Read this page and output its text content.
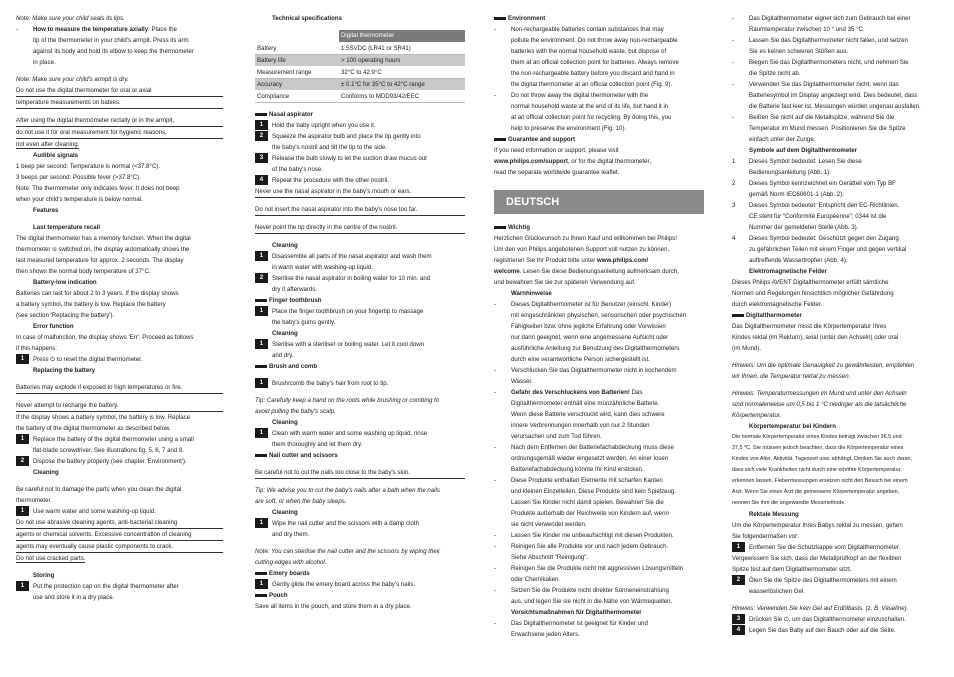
Note: Make sure your child seals its lips.

-	How to measure the temperature axially: Place the

tip of the thermometer in your child's armpit. Press its arm

against its body and hold its elbow to keep the thermometer

in place.

Note: Make sure your child's armpit is dry.

Do not use the digital thermometer for oral or axial

temperature measurements on babies.

After using the digital thermometer rectally or in the armpit,

do not use it for oral measurement for hygienic reasons,

not even after cleaning.

Audible signals

1 beep per second: Temperature is normal (<37.8°C).

3 beeps per second: Possible fever (>37.8°C).

Note: The thermometer only indicates fever. It does not beep

when your child's temperature is below normal.

Features

Last temperature recall

The digital thermometer has a memory function. When the digital

thermometer is switched on, the display automatically shows the

last measured temperature for approx. 2 seconds. The display

then shows the normal body temperature of 37°C.

Battery-low indication

Batteries can last for about 2 to 3 years. If the display shows

a battery symbol, the battery is low. Replace the battery

(see section 'Replacing the battery').

Error function

In case of malfunction, the display shows 'Err'. Proceed as follows

if this happens:

1	Press ⏻ to reset the digital thermometer.

Replacing the battery

Batteries may explode if exposed to high temperatures or fire.

Never attempt to recharge the battery.

If the display shows a battery symbol, the battery is low. Replace

the battery of the digital thermometer as described below.

1	Replace the battery of the digital thermometer using a small
flat-blade screwdriver. See illustrations fig. 5, 6, 7 and 8.
2	Dispose the battery properly (see chapter 'Environment').

Cleaning

Be careful not to damage the parts when you clean the digital

thermometer.

1	Use warm water and some washing-up liquid.

Do not use abrasive cleaning agents, anti-bacterial cleaning

agents or chemical solvents. Excessive concentration of cleaning

agents may eventually cause plastic components to crack.

Do not use cracked parts.

Storing

1	Put the protection cap on the digital thermometer after
use and store it in a dry place.

Technical specifications

	Digital thermometer
Battery	1.5SVDC (LR41 or SR41)
Battery life	> 100 operating hours
Measurement range	32°C to 42.9°C
Accuracy	± 0.1°C for 35°C to 42°C range
Compliance	Conforms to MDD93/42/EEC
Nasal aspirator
1	Hold the baby upright when you use it.
2	Squeeze the aspirator bulb and place the tip gently into
the baby's nostril and tilt the tip to the side.
3	Release the bulb slowly to let the suction draw mucus out
of the baby's nose.
4	Repeat the procedure with the other nostril.

Never use the nasal aspirator in the baby's mouth or ears.

Do not insert the nasal aspirator into the baby's nose too far.

Never point the tip directly in the centre of the nostril.

Cleaning

1	Disassemble all parts of the nasal aspirator and wash them
in warm water with washing-up liquid.
2	Sterilise the nasal aspirator in boiling water for 10 min. and
dry it afterwards.
Finger toothbrush
1	Place the finger toothbrush on your fingertip to massage
the baby's gums gently.

Cleaning

1	Sterilise with a steriliser or boiling water. Let it cool down
and dry.
Brush and comb
1	Brush/comb the baby's hair from root to tip.

Tip: Carefully keep a hand on the roots while brushing or combing to

avoid pulling the baby's scalp.

Cleaning

1	Clean with warm water and some washing up liquid, rinse
them thoroughly and let them dry.
Nail cutter and scissors

Be careful not to cut the nails too close to the baby's skin.

Tip: We advise you to cut the baby's nails after a bath when the nails

are soft, or when the baby sleeps.

Cleaning

1	Wipe the nail cutter and the scissors with a damp cloth
and dry them.

Note: You can sterilise the nail cutter and the scissors by wiping their

cutting edges with alcohol.

Emery boards
1	Gently glide the emery board across the baby's nails.
Pouch

Save all items in the pouch, and store them in a dry place.

Environment
-	Non-rechargeable batteries contain substances that may
pollute the environment. Do not throw away non-rechargeable
batteries with the normal household waste, but dispose of
them at an official collection point for batteries. Always remove
the non-rechargeable battery before you discard and hand in
the digital thermometer at an official collection point (Fig. 9).
-	Do not throw away the digital thermometer with the
normal household waste at the end of its life, but hand it in
at an official collection point for recycling. By doing this, you
help to preserve the environment (Fig. 10).
Guarantee and support

If you need information or support, please visit

www.philips.com/support, or for the digital thermometer,

read the separate worldwide guarantee leaflet.

DEUTSCH
Wichtig

Herzlichen Glückwunsch zu Ihrem Kauf und willkommen bei Philips!

Um den von Philips angebotenen Support voll nutzen zu können,

registrieren Sie Ihr Produkt bitte unter www.philips.com/

welcome. Lesen Sie diese Bedienungsanleitung aufmerksam durch,

und bewahren Sie sie zur späteren Verwendung auf.

Warnhinweise

-	Dieses Digitalthermometer ist für Benutzer (einschl. Kinder)
mit eingeschränkten physischen, sensorischen oder psychischen
Fähigkeiten bzw. ohne jegliche Erfahrung oder Vorwissen
nur dann geeignet, wenn eine angemessene Aufsicht oder
ausführliche Anleitung zur Benutzung des Digitalthermometers
durch eine verantwortliche Person sichergestellt ist.
-	Verschlucken Sie das Digitalthermometer nicht in kochendem
Wasser.
-	Gefahr des Verschluckens von Batterien! Das
Digitalthermometer enthält eine münzähnliche Batterie.
Wenn diese Batterie verschluckt wird, kann dies schwere
innere Verbrennungen innerhalb von nur 2 Stunden
verursachen und zum Tod führen.
-	Nach dem Entfernen der Batteriefachabdeckung muss diese
ordnungsgemäß wieder eingesetzt werden. An einer losen
Batteriefachabdeckung könnte Ihr Kind ersticken.
-	Diese Produkte enthalten Elemente mit scharfen Kanten
und kleinen Einzelteilen. Diese Produkte sind kein Spielzeug.
Lassen Sie Kinder nicht damit spielen. Bewahren Sie die
Produkte außerhalb der Reichweite von Kindern auf, wenn
sie nicht verwendet werden.
-	Lassen Sie Kinder nie unbeaufsichtigt mit diesen Produkten.
-	Reinigen Sie alle Produkte vor und nach jedem Gebrauch.
Siehe Abschnitt "Reinigung".
-	Reinigen Sie die Produkte nicht mit aggressiven Lösungsmitteln
oder Chemikalien.
-	Setzen Sie die Produkte nicht direkter Sonneneinstrahlung
aus, und legen Sie sie nicht in die Nähe von Wärmequellen.

Vorsichtsmaßnahmen für Digitalthermometer

-	Das Digitalthermometer ist geeignet für Kinder und
Erwachsene jeden Alters.
-	Das Digitalthermometer eignet sich zum Gebrauch bei einer
Raumtemperatur zwischen 10 ° und 35 °C.
-	Lassen Sie das Digitalthermometer nicht fallen, und setzen
Sie es keinen schweren Stößen aus.
-	Biegen Sie das Digitalthermometers nicht, und nehmen Sie
die Spitze nicht ab.
-	Verwenden Sie das Digitalthermometer nicht, wenn das
Batteriesymbol im Display angezeigt wird. Dies bedeutet, dass
die Batterie fast leer ist. Messungen würden ungenau ausfallen.
-	Beißen Sie nicht auf die Metallspitze, während Sie die
Temperatur im Mund messen. Positionieren Sie die Spitze
einfach unter der Zunge.

Symbole auf dem Digitalthermometer

1	Dieses Symbol bedeutet: Lesen Sie diese
Bedienungsanleitung (Abb. 1).
2	Dieses Symbol kennzeichnet ein Gerätteil vom Typ BF
gemäß Norm IEC60601-1 (Abb. 2).
3	Dieses Symbol bedeutet: Entspricht den EC-Richtlinien.
CE steht für "Conformité Européenne"; 0344 ist die
Nummer der gemeldeten Stelle (Abb. 3).
4	Dieses Symbol bedeutet: Geschützt gegen den Zugang
zu gefährlichen Teilen mit einem Finger und gegen vertikal
auftreffende Wassertropfen (Abb. 4).

Elektromagnetische Felder

Dieses Philips AVENT Digitalthermometer erfüllt sämtliche
Normen und Regelungen hinsichtlich möglicher Gefährdung
durch elektromagnetische Felder.
Digitalthermometer
Das Digitalthermometer misst die Körpertemperatur Ihres
Kindes rektal (im Rektum), axial (unter den Achseln) oder oral
(im Mund).
Hinweis: Um die optimale Genauigkeit zu gewährleisten, empfehlen
wir Ihnen, die Temperatur rektal zu messen.
Hinweis: Temperaturmessungen im Mund und unter den Achseln
sind normalerweise um 0,5 bis 1 °C niedriger als die tatsächliche
Körpertemperatur.

Körpertemperatur bei Kindern

Die normale Körpertemperatur eines Kindes beträgt zwischen 36,5 und
37,5 °C. Sie müssen jedoch beachten, dass die Körpertemperatur eines
Kindes von Alter, Aktivität, Tageszeit usw. abhängt. Denken Sie auch daran,
dass sich viele Krankheiten nicht durch eine erhöhte Körpertemperatur
erkennen lassen. Fiebermessungen ersetzen nicht den Besuch bei einem
Arzt. Wenn Sie einen Arzt die gemessene Körpertemperatur angeben,
nennen Sie ihm die angewandte Messmethode.

Rektale Messung

Um die Körpertemperatur Ihres Babys rektal zu messen, gehen

Sie folgendermaßen vor:

1	Entfernen Sie die Schutzkappe vom Digitalthermometer.

Vergewissern Sie sich, dass der Metallprüfkopf an der flexiblen

Spitze fest auf dem Digitalthermometer sitzt.

2	Ölen Sie die Spitze des Digitalthermometers mit einem
wasserlöslichen Gel.

Hinweis: Verwenden Sie kein Gel auf Erdölbasis. (z. B. Vaseline).

3	Drücken Sie ⏻, um das Digitalthermometer einzuschalten.
4	Legen Sie das Baby auf den Bauch oder auf die Seite.
